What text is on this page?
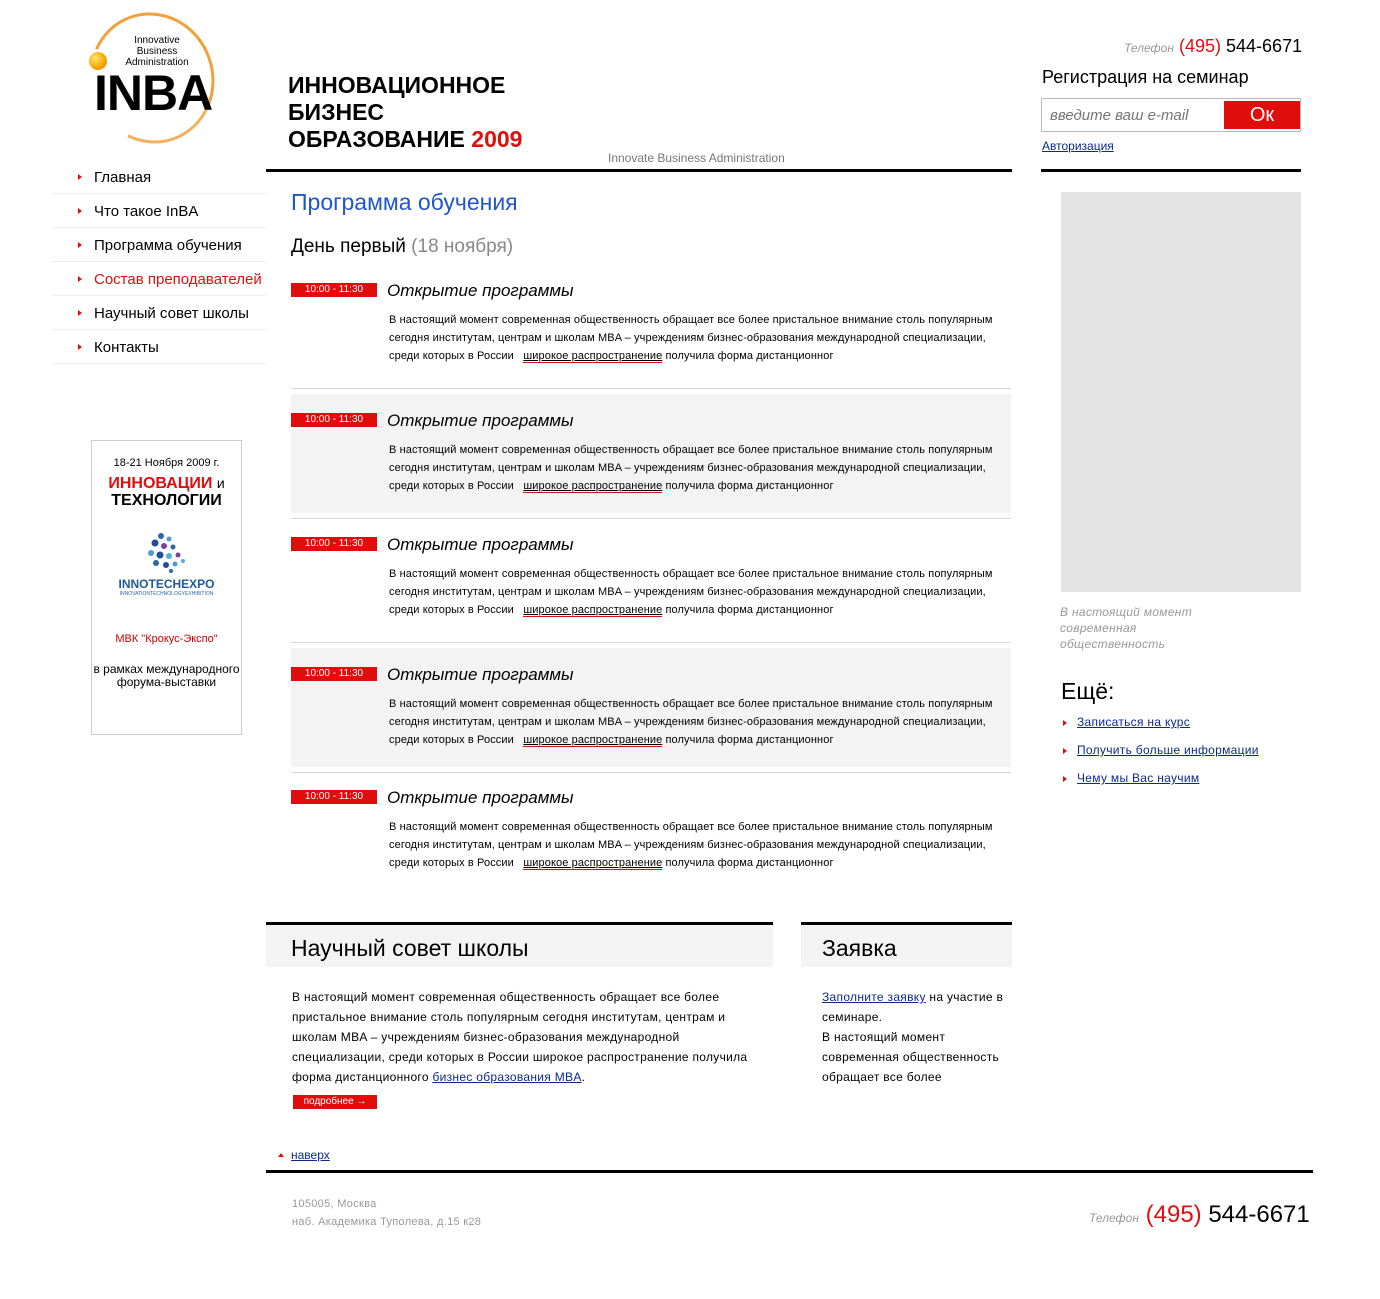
Innovative Business Administration
INBA	ИННОВАЦИОННОЕ
БИЗНЕС
ОБРАЗОВАНИЕ 2009
Innovate Business Administration
Телефон (495) 544-6671
Регистрация на семинар
введите ваш e-mail
Ок
Авторизация
Главная
Что такое InBA
Программа обучения
Состав преподавателей
Научный совет школы
Контакты
18-21 Ноября 2009 г.
ИННОВАЦИИ и
ТЕХНОЛОГИИ
INNOTECHEXPO
INNOVATIONTECHNOLOGYEXHIBITION
МВК "Крокус-Экспо"
в рамках международного форума-выставки
Программа обучения
День первый (18 ноября)
10:00 - 11:30	Открытие программы
В настоящий момент современная общественность обращает все более пристальное внимание столь популярным сегодня институтам, центрам и школам MBA – учреждениям бизнес-образования международной специализации, среди которых в России широкое распространение получила форма дистанционног
10:00 - 11:30	Открытие программы
В настоящий момент современная общественность обращает все более пристальное внимание столь популярным сегодня институтам, центрам и школам MBA – учреждениям бизнес-образования международной специализации, среди которых в России широкое распространение получила форма дистанционног
10:00 - 11:30	Открытие программы
В настоящий момент современная общественность обращает все более пристальное внимание столь популярным сегодня институтам, центрам и школам MBA – учреждениям бизнес-образования международной специализации, среди которых в России широкое распространение получила форма дистанционног
10:00 - 11:30	Открытие программы
В настоящий момент современная общественность обращает все более пристальное внимание столь популярным сегодня институтам, центрам и школам MBA – учреждениям бизнес-образования международной специализации, среди которых в России широкое распространение получила форма дистанционног
10:00 - 11:30	Открытие программы
В настоящий момент современная общественность обращает все более пристальное внимание столь популярным сегодня институтам, центрам и школам MBA – учреждениям бизнес-образования международной специализации, среди которых в России широкое распространение получила форма дистанционног
Научный совет школы
В настоящий момент современная общественность обращает все более пристальное внимание столь популярным сегодня институтам, центрам и школам MBA – учреждениям бизнес-образования международной специализации, среди которых в России широкое распространение получила форма дистанционного бизнес образования MBA.
подробнее →
Заявка
Заполните заявку на участие в семинаре.
В настоящий момент современная общественность обращает все более
В настоящий момент современная общественность
Ещё:
Записаться на курс
Получить больше информации
Чему мы Вас научим
наверх
105005, Москва
наб. Академика Туполева, д.15 к28	Телефон (495) 544-6671
